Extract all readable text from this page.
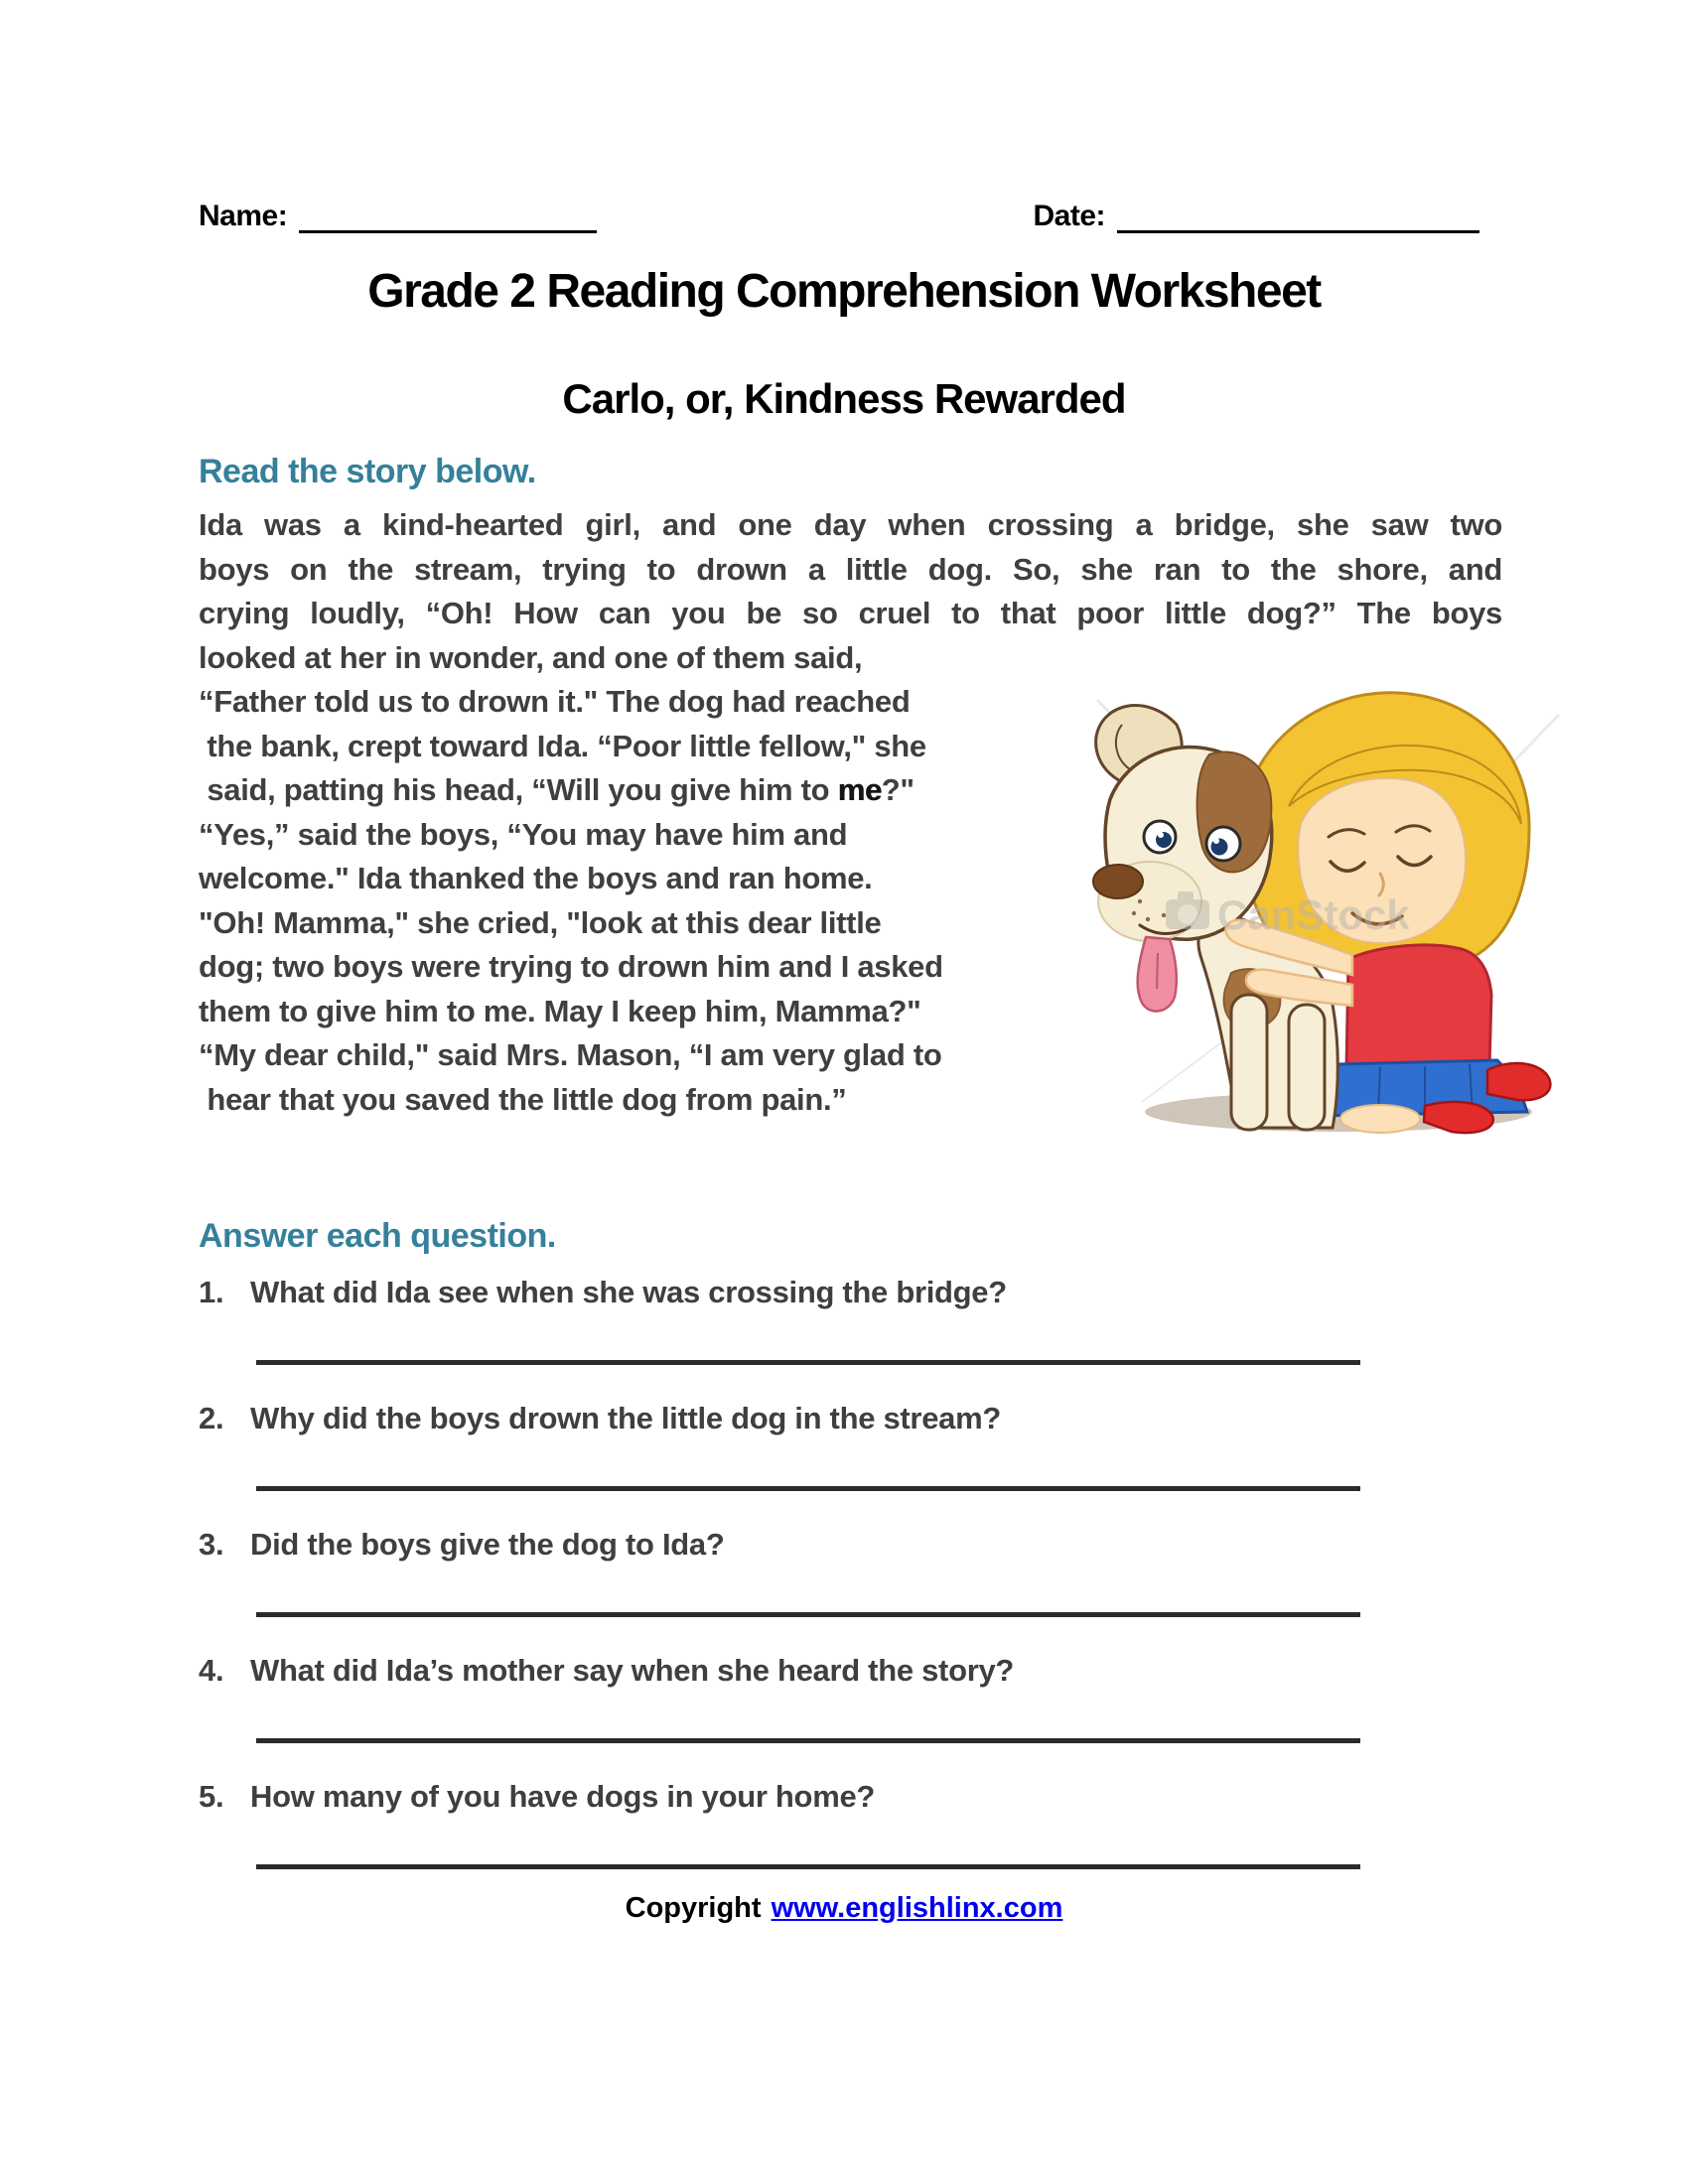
Name:	Date:
Grade 2 Reading Comprehension Worksheet
Carlo, or, Kindness Rewarded
Read the story below.
Ida was a kind-hearted girl, and one day when crossing a bridge, she saw two
boys on the stream, trying to drown a little dog. So, she ran to the shore, and
crying loudly, “Oh! How can you be so cruel to that poor little dog?” The boys
looked at her in wonder, and one of them said,
“Father told us to drown it." The dog had reached
the bank, crept toward Ida. “Poor little fellow," she
said, patting his head, “Will you give him to me?"
“Yes,” said the boys, “You may have him and
welcome." Ida thanked the boys and ran home.
"Oh! Mamma," she cried, "look at this dear little
dog; two boys were trying to drown him and I asked
them to give him to me. May I keep him, Mamma?"
“My dear child," said Mrs. Mason, “I am very glad to
hear that you saved the little dog from pain.”
CanStock
Answer each question.
1. What did Ida see when she was crossing the bridge?
2. Why did the boys drown the little dog in the stream?
3. Did the boys give the dog to Ida?
4. What did Ida’s mother say when she heard the story?
5. How many of you have dogs in your home?
Copyright www.englishlinx.com
